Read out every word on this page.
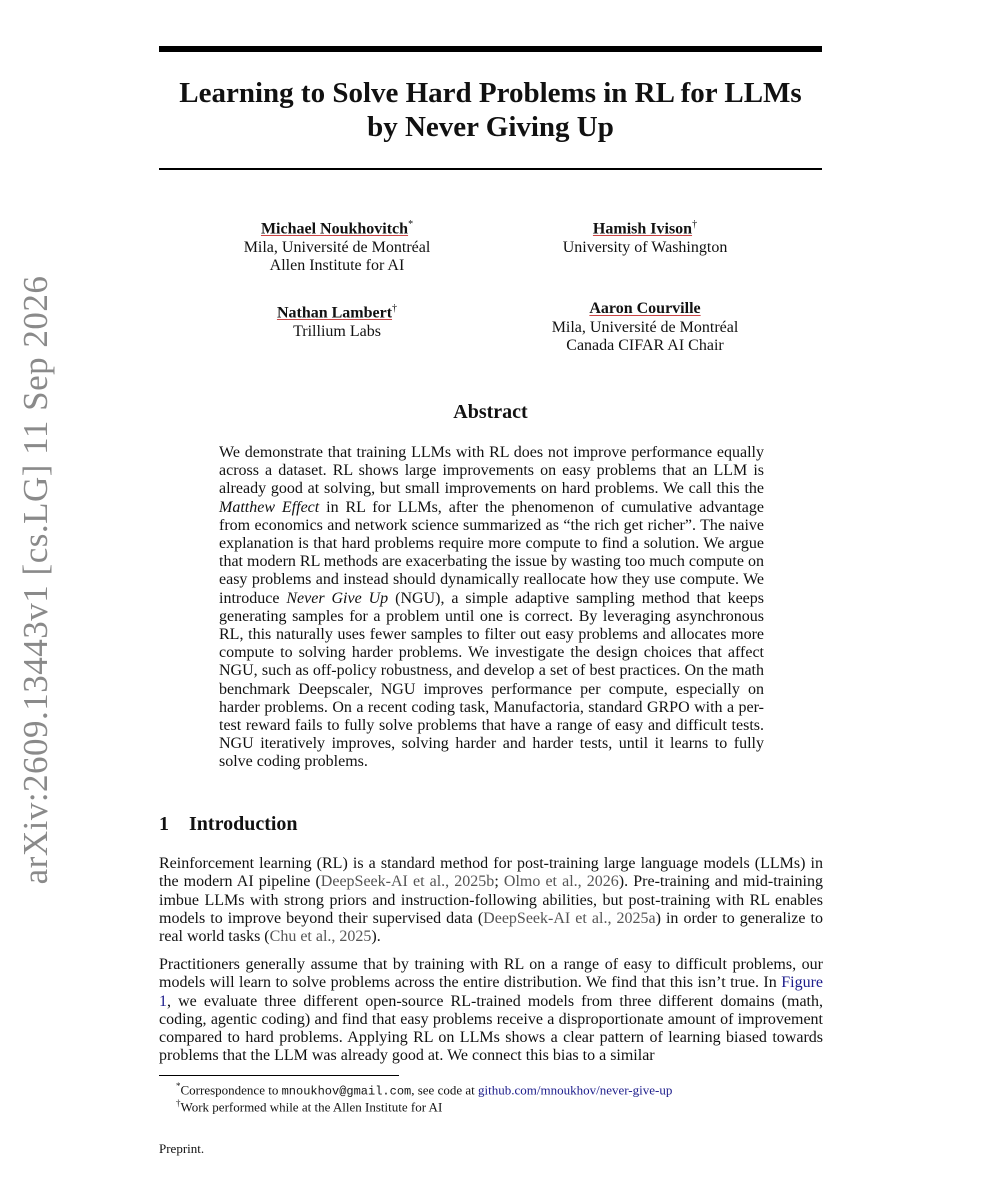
arXiv:2609.13443v1 [cs.LG] 11 Sep 2026
Learning to Solve Hard Problems in RL for LLMs
by Never Giving Up
Michael Noukhovitch*
Mila, Université de Montréal
Allen Institute for AI
Hamish Ivison†
University of Washington
Nathan Lambert†
Trillium Labs
Aaron Courville
Mila, Université de Montréal
Canada CIFAR AI Chair
Abstract
We demonstrate that training LLMs with RL does not improve performance equally across a dataset. RL shows large improvements on easy problems that an LLM is already good at solving, but small improvements on hard problems. We call this the Matthew Effect in RL for LLMs, after the phenomenon of cumulative advantage from economics and network science summarized as “the rich get richer”. The naive explanation is that hard problems require more compute to find a solution. We argue that modern RL methods are exacerbating the issue by wasting too much compute on easy problems and instead should dynamically reallocate how they use compute. We introduce Never Give Up (NGU), a simple adaptive sampling method that keeps generating samples for a problem until one is correct. By leveraging asynchronous RL, this naturally uses fewer samples to filter out easy problems and allocates more compute to solving harder problems. We investigate the design choices that affect NGU, such as off-policy robustness, and develop a set of best practices. On the math benchmark Deepscaler, NGU improves performance per compute, especially on harder problems. On a recent coding task, Manufactoria, standard GRPO with a per-test reward fails to fully solve problems that have a range of easy and difficult tests. NGU iteratively improves, solving harder and harder tests, until it learns to fully solve coding problems.
1 Introduction
Reinforcement learning (RL) is a standard method for post-training large language models (LLMs) in the modern AI pipeline (DeepSeek-AI et al., 2025b; Olmo et al., 2026). Pre-training and mid-training imbue LLMs with strong priors and instruction-following abilities, but post-training with RL enables models to improve beyond their supervised data (DeepSeek-AI et al., 2025a) in order to generalize to real world tasks (Chu et al., 2025).
Practitioners generally assume that by training with RL on a range of easy to difficult problems, our models will learn to solve problems across the entire distribution. We find that this isn’t true. In Figure 1, we evaluate three different open-source RL-trained models from three different domains (math, coding, agentic coding) and find that easy problems receive a disproportionate amount of improvement compared to hard problems. Applying RL on LLMs shows a clear pattern of learning biased towards problems that the LLM was already good at. We connect this bias to a similar
*Correspondence to mnoukhov@gmail.com, see code at github.com/mnoukhov/never-give-up
†Work performed while at the Allen Institute for AI
Preprint.
